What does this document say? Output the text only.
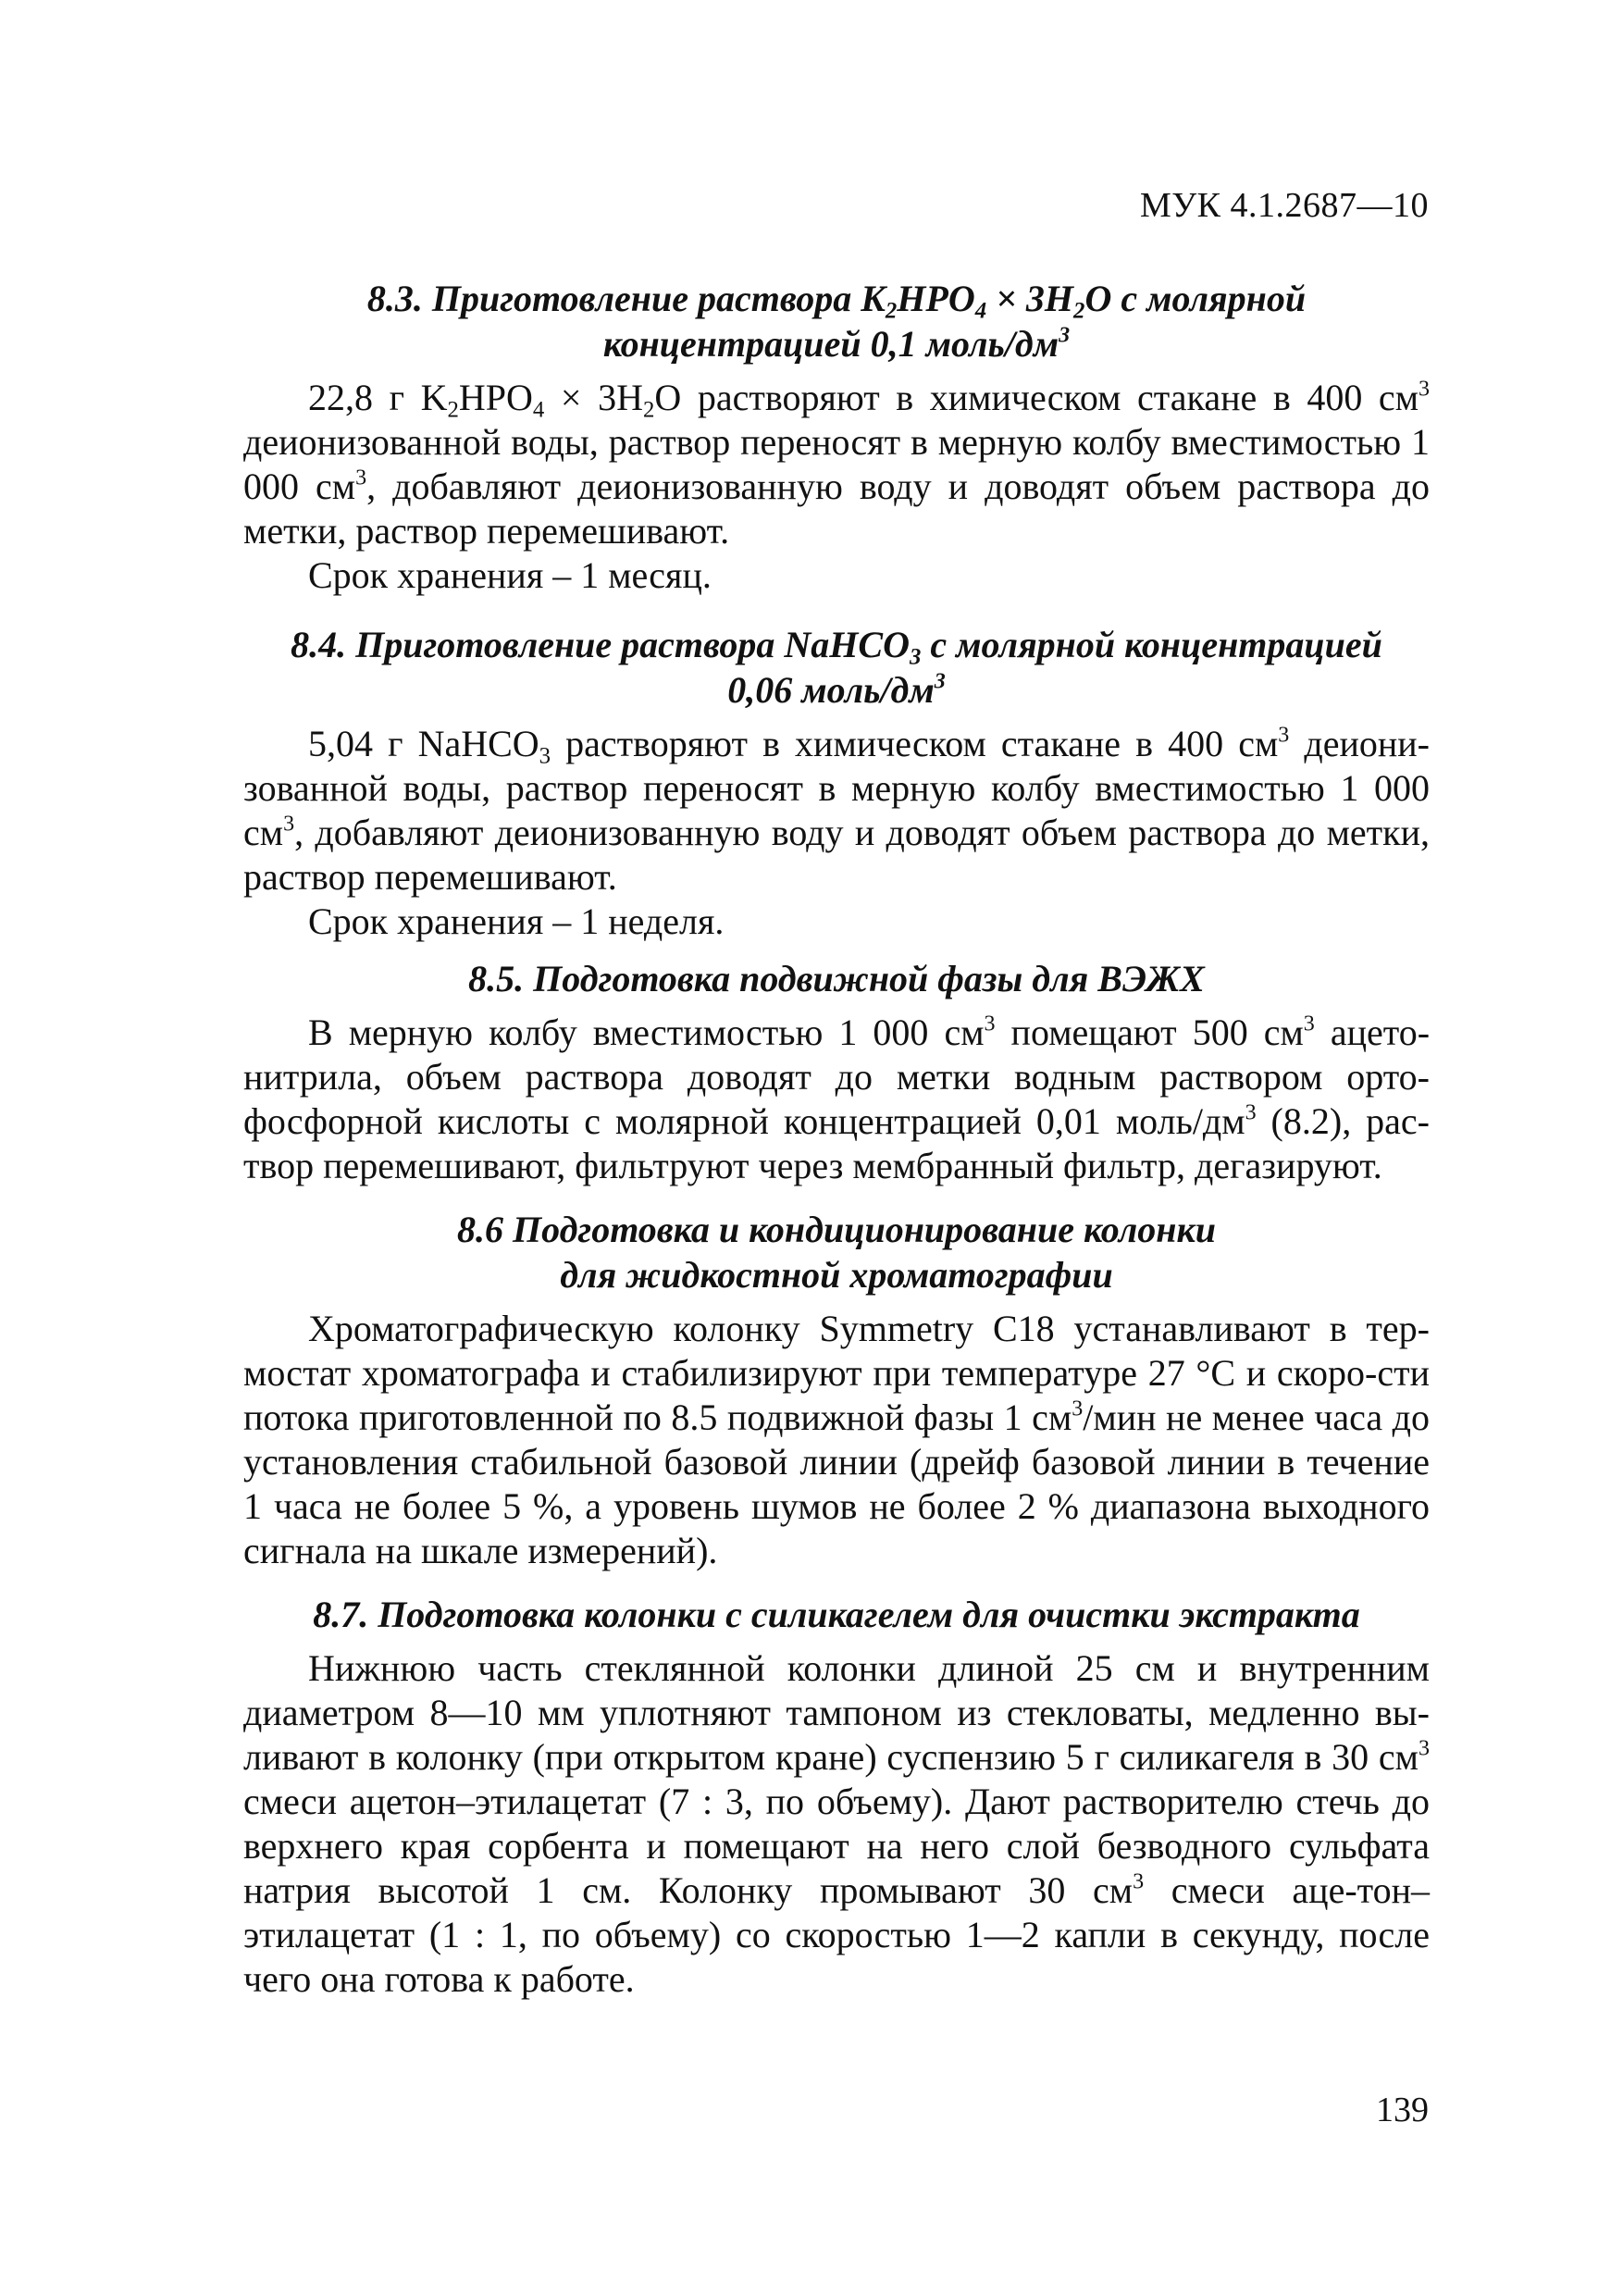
МУК 4.1.2687—10

8.3. Приготовление раствора $K_2HPO_4 \times 3H_2O$ с молярной
концентрацией 0,1 моль/$дм^3$

22,8 г $K_2HPO_4 \times 3H_2O$ растворяют в химическом стакане в 400 $см^3$ деионизованной воды, раствор переносят в мерную колбу вместимостью 1 000 $см^3$, добавляют деионизованную воду и доводят объем раствора до метки, раствор перемешивают.

Срок хранения – 1 месяц.

8.4. Приготовление раствора NaHCO$_3$ с молярной концентрацией
0,06 моль/$дм^3$

5,04 г NaHCO$_3$ растворяют в химическом стакане в 400 $см^3$ деиони-зованной воды, раствор переносят в мерную колбу вместимостью 1 000 $см^3$, добавляют деионизованную воду и доводят объем раствора до метки, раствор перемешивают.

Срок хранения – 1 неделя.

8.5. Подготовка подвижной фазы для ВЭЖХ

В мерную колбу вместимостью 1 000 $см^3$ помещают 500 $см^3$ ацето-нитрила, объем раствора доводят до метки водным раствором орто-фосфорной кислоты с молярной концентрацией 0,01 моль/$дм^3$ (8.2), рас-твор перемешивают, фильтруют через мембранный фильтр, дегазируют.

8.6 Подготовка и кондиционирование колонки
для жидкостной хроматографии

Хроматографическую колонку Symmetry C18 устанавливают в тер-мостат хроматографа и стабилизируют при температуре 27 °С и скоро-сти потока приготовленной по 8.5 подвижной фазы 1 $см^3$/мин не менее часа до установления стабильной базовой линии (дрейф базовой линии в течение 1 часа не более 5 %, а уровень шумов не более 2 % диапазона выходного сигнала на шкале измерений).

8.7. Подготовка колонки с силикагелем для очистки экстракта

Нижнюю часть стеклянной колонки длиной 25 см и внутренним диаметром 8—10 мм уплотняют тампоном из стекловаты, медленно вы-ливают в колонку (при открытом кране) суспензию 5 г силикагеля в 30 $см^3$ смеси ацетон–этилацетат (7 : 3, по объему). Дают растворителю стечь до верхнего края сорбента и помещают на него слой безводного сульфата натрия высотой 1 см. Колонку промывают 30 $см^3$ смеси аце-тон–этилацетат (1 : 1, по объему) со скоростью 1—2 капли в секунду, после чего она готова к работе.

139
